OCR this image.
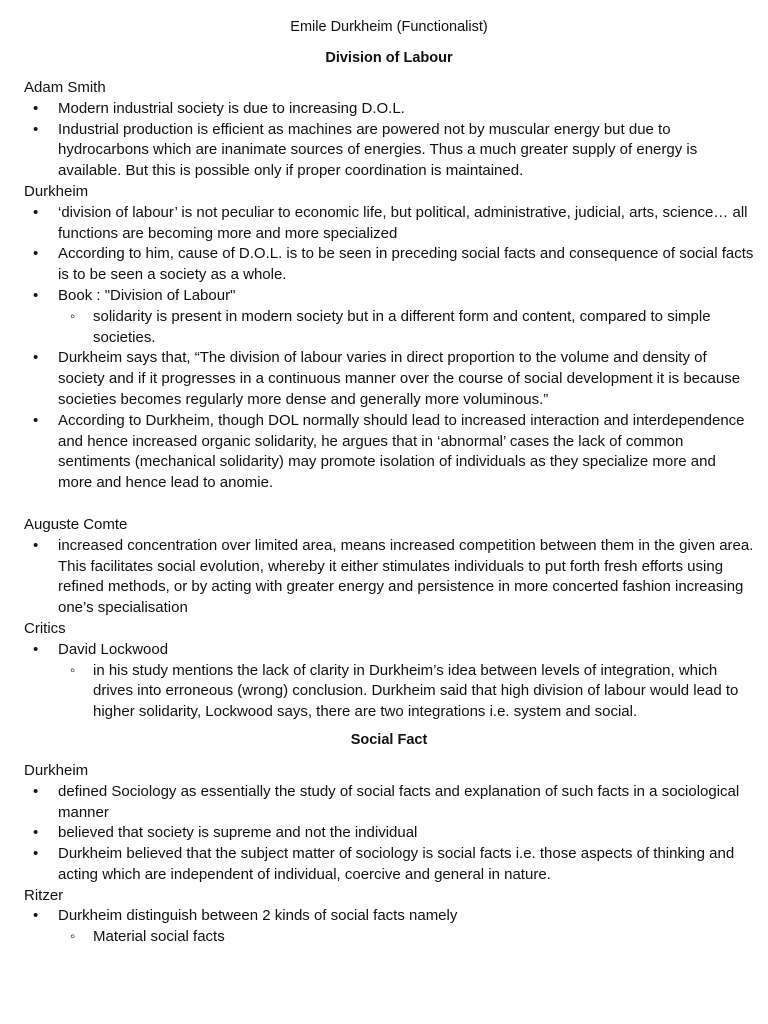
Emile Durkheim (Functionalist)
Division of Labour
Adam Smith
• Modern industrial society is due to increasing D.O.L.
• Industrial production is efficient as machines are powered not by muscular energy but due to hydrocarbons which are inanimate sources of energies. Thus a much greater supply of energy is available. But this is possible only if proper coordination is maintained.
Durkheim
• ‘division of labour’ is not peculiar to economic life, but political, administrative, judicial, arts, science… all functions are becoming more and more specialized
• According to him, cause of D.O.L. is to be seen in preceding social facts and consequence of social facts is to be seen a society as a whole.
• Book : "Division of Labour"
◦ solidarity is present in modern society but in a different form and content, compared to simple societies.
• Durkheim says that, “The division of labour varies in direct proportion to the volume and density of society and if it progresses in a continuous manner over the course of social development it is because societies becomes regularly more dense and generally more voluminous.”
• According to Durkheim, though DOL normally should lead to increased interaction and interdependence and hence increased organic solidarity, he argues that in ‘abnormal’ cases the lack of common sentiments (mechanical solidarity) may promote isolation of individuals as they specialize more and more and hence lead to anomie.
Auguste Comte
• increased concentration over limited area, means increased competition between them in the given area. This facilitates social evolution, whereby it either stimulates individuals to put forth fresh efforts using refined methods, or by acting with greater energy and persistence in more concerted fashion increasing one’s specialisation
Critics
• David Lockwood
◦ in his study mentions the lack of clarity in Durkheim’s idea between levels of integration, which drives into erroneous (wrong) conclusion. Durkheim said that high division of labour would lead to higher solidarity, Lockwood says, there are two integrations i.e. system and social.
Social Fact
Durkheim
• defined Sociology as essentially the study of social facts and explanation of such facts in a sociological manner
• believed that society is supreme and not the individual
• Durkheim believed that the subject matter of sociology is social facts i.e. those aspects of thinking and acting which are independent of individual, coercive and general in nature.
Ritzer
• Durkheim distinguish between 2 kinds of social facts namely
◦ Material social facts
